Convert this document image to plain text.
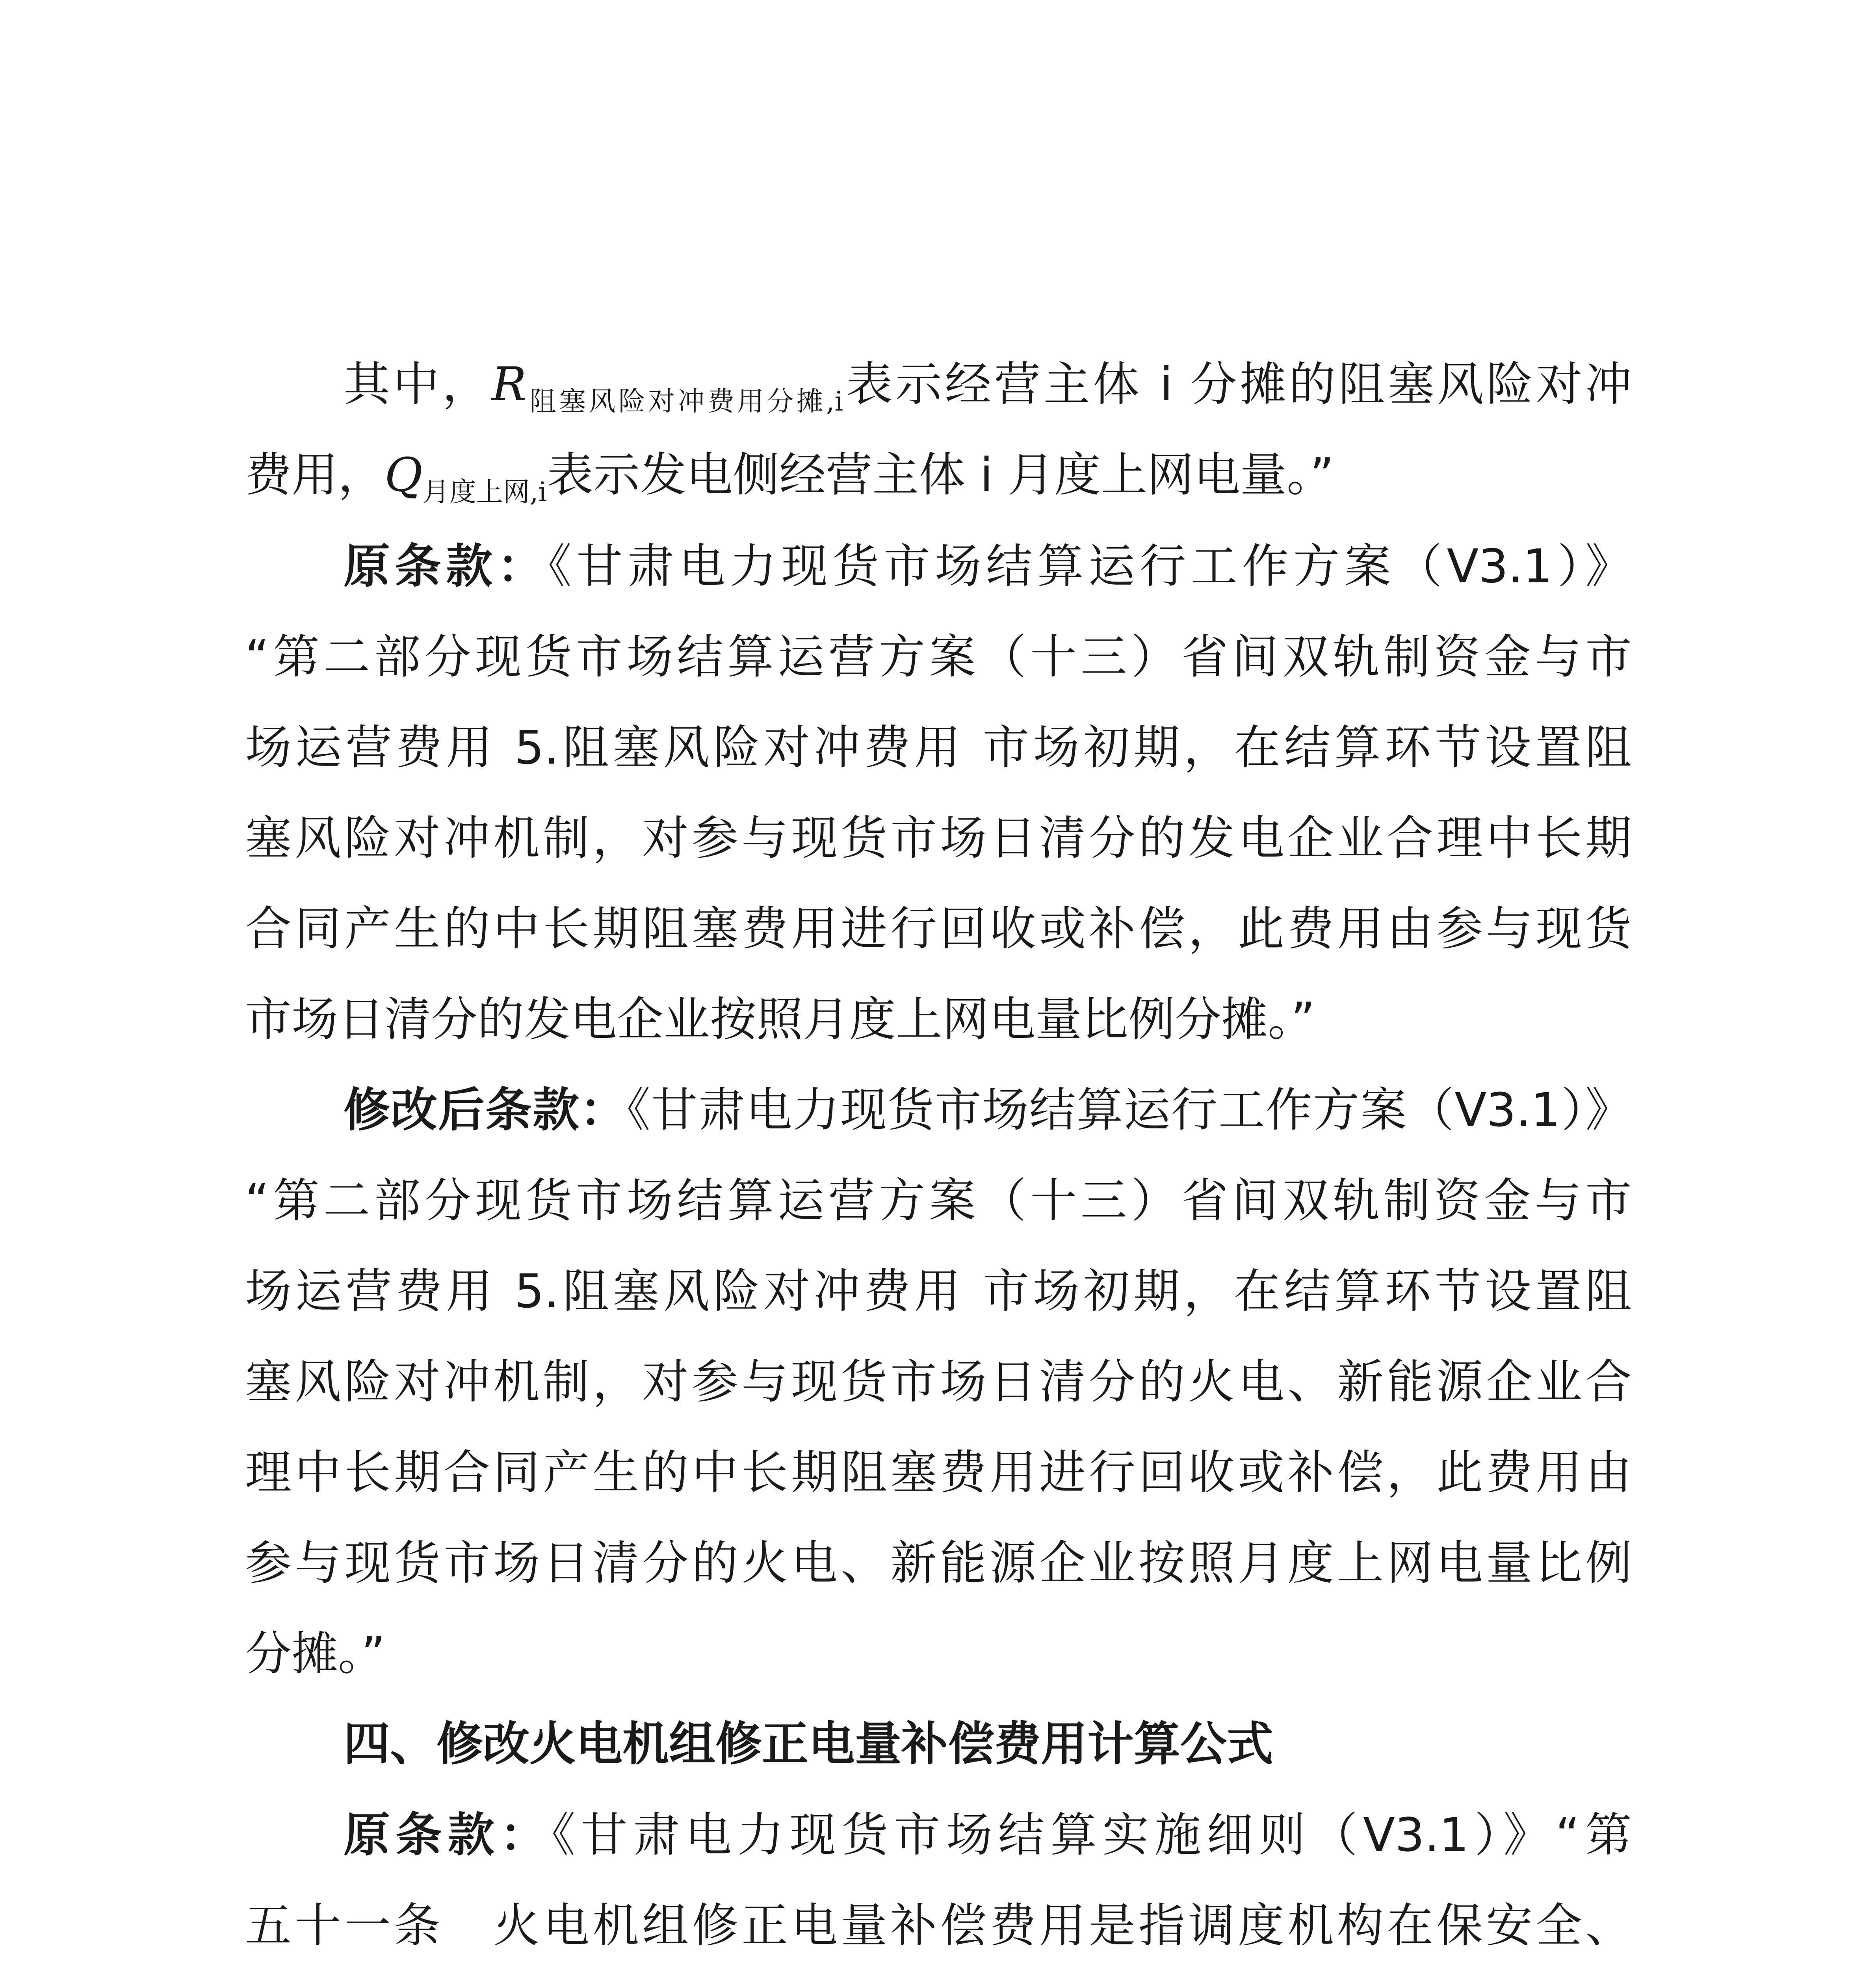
其中，$R_{阻塞风险对冲费用分摊,i}$表示经营主体 i 分摊的阻塞风险对冲
费用，$Q_{月度上网,i}$表示发电侧经营主体 i 月度上网电量。”
原条款：《甘肃电力现货市场结算运行工作方案（V3.1）》
“第二部分现货市场结算运营方案（十三）省间双轨制资金与市
场运营费用 5.阻塞风险对冲费用 市场初期，在结算环节设置阻
塞风险对冲机制，对参与现货市场日清分的发电企业合理中长期
合同产生的中长期阻塞费用进行回收或补偿，此费用由参与现货
市场日清分的发电企业按照月度上网电量比例分摊。”
修改后条款：《甘肃电力现货市场结算运行工作方案（V3.1）》
“第二部分现货市场结算运营方案（十三）省间双轨制资金与市
场运营费用 5.阻塞风险对冲费用 市场初期，在结算环节设置阻
塞风险对冲机制，对参与现货市场日清分的火电、新能源企业合
理中长期合同产生的中长期阻塞费用进行回收或补偿，此费用由
参与现货市场日清分的火电、新能源企业按照月度上网电量比例
分摊。”
四、修改火电机组修正电量补偿费用计算公式
原条款：《甘肃电力现货市场结算实施细则（V3.1）》“第
五十一条　火电机组修正电量补偿费用是指调度机构在保安全、
